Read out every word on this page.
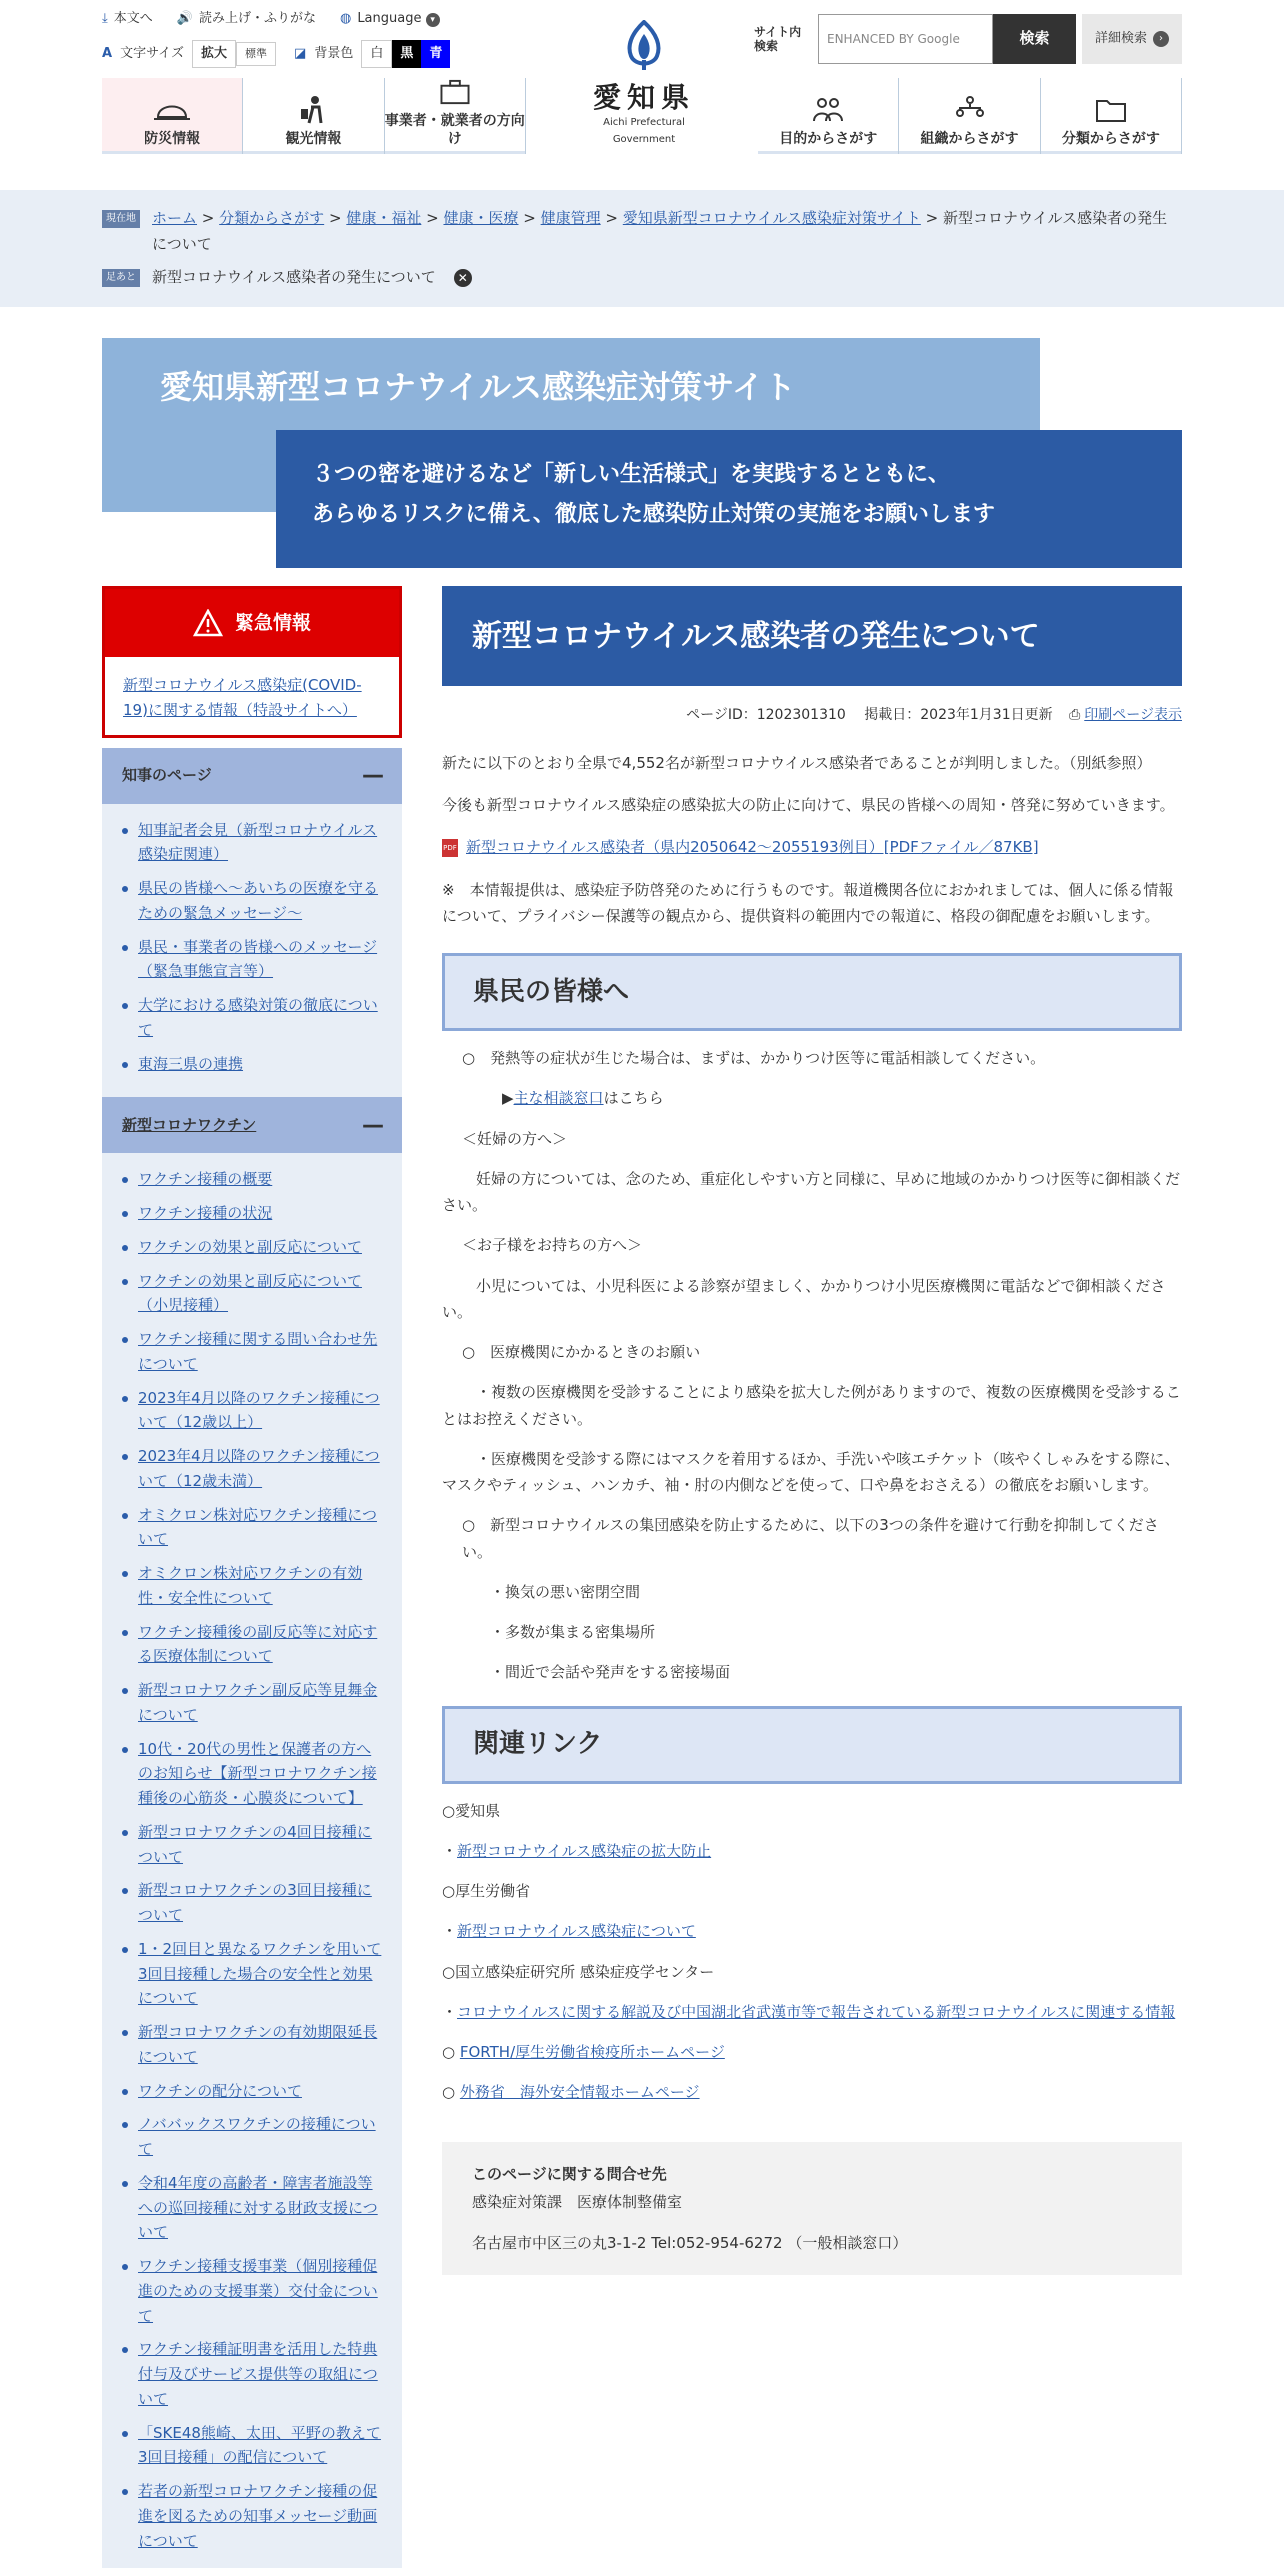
⤓ 本文へ 🔊 読み上げ・ふりがな ◍ Language ▾
A 文字サイズ	拡大	標準	◪ 背景色	白	黒	青
愛知県
Aichi Prefectural Government
サイト内検索
ENHANCED BY Google	検索	詳細検索	›
防災情報	観光情報
事業者・就業者の方向け	目的からさがす	組織からさがす	分類からさがす
現在地 ホーム > 分類からさがす > 健康・福祉 > 健康・医療 > 健康管理 > 愛知県新型コロナウイルス感染症対策サイト > 新型コロナウイルス感染者の発生について
足あと 新型コロナウイルス感染者の発生について	✕
愛知県新型コロナウイルス感染症対策サイト
３つの密を避けるなど「新しい生活様式」を実践するとともに、
あらゆるリスクに備え、徹底した感染防止対策の実施をお願いします
緊急情報
新型コロナウイルス感染症(COVID-19)に関する情報（特設サイトへ）
知事のページ	—
知事記者会見（新型コロナウイルス感染症関連）
県民の皆様へ～あいちの医療を守るための緊急メッセージ～
県民・事業者の皆様へのメッセージ（緊急事態宣言等）
大学における感染対策の徹底について
東海三県の連携
新型コロナワクチン	—
ワクチン接種の概要
ワクチン接種の状況
ワクチンの効果と副反応について
ワクチンの効果と副反応について（小児接種）
ワクチン接種に関する問い合わせ先について
2023年4月以降のワクチン接種について（12歳以上）
2023年4月以降のワクチン接種について（12歳未満）
オミクロン株対応ワクチン接種について
オミクロン株対応ワクチンの有効性・安全性について
ワクチン接種後の副反応等に対応する医療体制について
新型コロナワクチン副反応等見舞金について
10代・20代の男性と保護者の方へのお知らせ【新型コロナワクチン接種後の心筋炎・心膜炎について】
新型コロナワクチンの4回目接種について
新型コロナワクチンの3回目接種について
1・2回目と異なるワクチンを用いて3回目接種した場合の安全性と効果について
新型コロナワクチンの有効期限延長について
ワクチンの配分について
ノババックスワクチンの接種について
令和4年度の高齢者・障害者施設等への巡回接種に対する財政支援について
ワクチン接種支援事業（個別接種促進のための支援事業）交付金について
ワクチン接種証明書を活用した特典付与及びサービス提供等の取組について
「SKE48熊崎、太田、平野の教えて3回目接種」の配信について
若者の新型コロナワクチン接種の促進を図るための知事メッセージ動画について
新型コロナウイルス感染者の発生について
ページID：1202301310　 掲載日：2023年1月31日更新 ⎙ 印刷ページ表示
新たに以下のとおり全県で4,552名が新型コロナウイルス感染者であることが判明しました。（別紙参照）
今後も新型コロナウイルス感染症の感染拡大の防止に向けて、県民の皆様への周知・啓発に努めていきます。
PDF 新型コロナウイルス感染者（県内2050642～2055193例目）[PDFファイル／87KB]
※　本情報提供は、感染症予防啓発のために行うものです。報道機関各位におかれましては、個人に係る情報について、プライバシー保護等の観点から、提供資料の範囲内での報道に、格段の御配慮をお願いします。
県民の皆様へ
○　発熱等の症状が生じた場合は、まずは、かかりつけ医等に電話相談してください。
▶主な相談窓口はこちら
＜妊婦の方へ＞
妊婦の方については、念のため、重症化しやすい方と同様に、早めに地域のかかりつけ医等に御相談ください。
＜お子様をお持ちの方へ＞
小児については、小児科医による診察が望ましく、かかりつけ小児医療機関に電話などで御相談ください。
○　医療機関にかかるときのお願い
・複数の医療機関を受診することにより感染を拡大した例がありますので、複数の医療機関を受診することはお控えください。
・医療機関を受診する際にはマスクを着用するほか、手洗いや咳エチケット（咳やくしゃみをする際に、マスクやティッシュ、ハンカチ、袖・肘の内側などを使って、口や鼻をおさえる）の徹底をお願いします。
○　新型コロナウイルスの集団感染を防止するために、以下の3つの条件を避けて行動を抑制してください。
・換気の悪い密閉空間
・多数が集まる密集場所
・間近で会話や発声をする密接場面
関連リンク
○愛知県
・新型コロナウイルス感染症の拡大防止
○厚生労働省
・新型コロナウイルス感染症について
○国立感染症研究所 感染症疫学センター
・コロナウイルスに関する解説及び中国湖北省武漢市等で報告されている新型コロナウイルスに関連する情報
○ FORTH/厚生労働省検疫所ホームページ
○ 外務省　海外安全情報ホームページ
このページに関する問合せ先
感染症対策課　医療体制整備室
名古屋市中区三の丸3-1-2 Tel:052-954-6272 （一般相談窓口）
